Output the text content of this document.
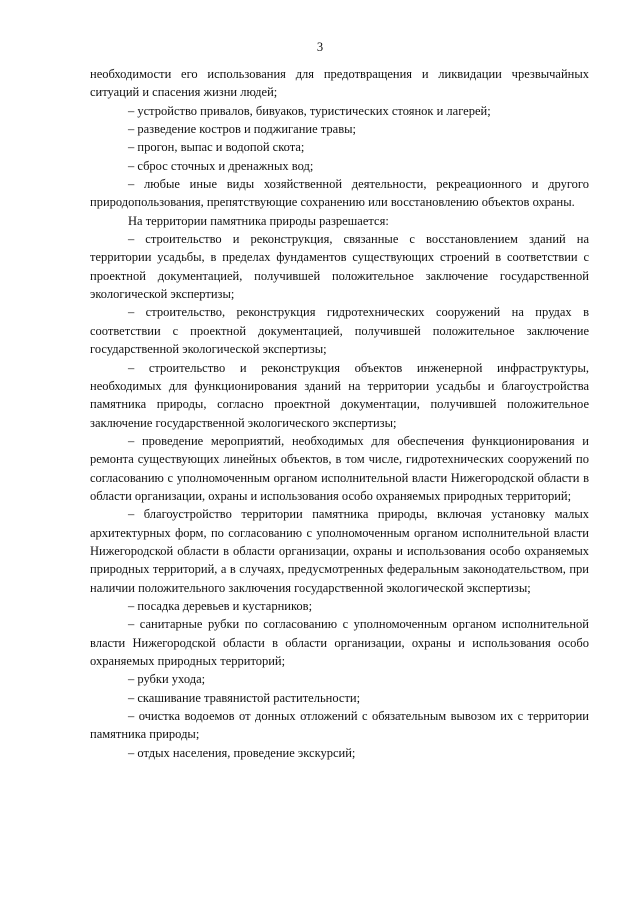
3

необходимости его использования для предотвращения и ликвидации чрезвычайных ситуаций и спасения жизни людей;

– устройство привалов, бивуаков, туристических стоянок и лагерей;

– разведение костров и поджигание травы;

– прогон, выпас и водопой скота;

– сброс сточных и дренажных вод;

– любые иные виды хозяйственной деятельности, рекреационного и другого природопользования, препятствующие сохранению или восстановлению объектов охраны.

На территории памятника природы разрешается:

– строительство и реконструкция, связанные с восстановлением зданий на территории усадьбы, в пределах фундаментов существующих строений в соответствии с проектной документацией, получившей положительное заключение государственной экологической экспертизы;

– строительство, реконструкция гидротехнических сооружений на прудах в соответствии с проектной документацией, получившей положительное заключение государственной экологической экспертизы;

– строительство и реконструкция объектов инженерной инфраструктуры, необходимых для функционирования зданий на территории усадьбы и благоустройства памятника природы, согласно проектной документации, получившей положительное заключение государственной экологического экспертизы;

– проведение мероприятий, необходимых для обеспечения функционирования и ремонта существующих линейных объектов, в том числе, гидротехнических сооружений по согласованию с уполномоченным органом исполнительной власти Нижегородской области в области организации, охраны и использования особо охраняемых природных территорий;

– благоустройство территории памятника природы, включая установку малых архитектурных форм, по согласованию с уполномоченным органом исполнительной власти Нижегородской области в области организации, охраны и использования особо охраняемых природных территорий, а в случаях, предусмотренных федеральным законодательством, при наличии положительного заключения государственной экологической экспертизы;

– посадка деревьев и кустарников;

– санитарные рубки по согласованию с уполномоченным органом исполнительной власти Нижегородской области в области организации, охраны и использования особо охраняемых природных территорий;

– рубки ухода;

– скашивание травянистой растительности;

– очистка водоемов от донных отложений с обязательным вывозом их с территории памятника природы;

– отдых населения, проведение экскурсий;
